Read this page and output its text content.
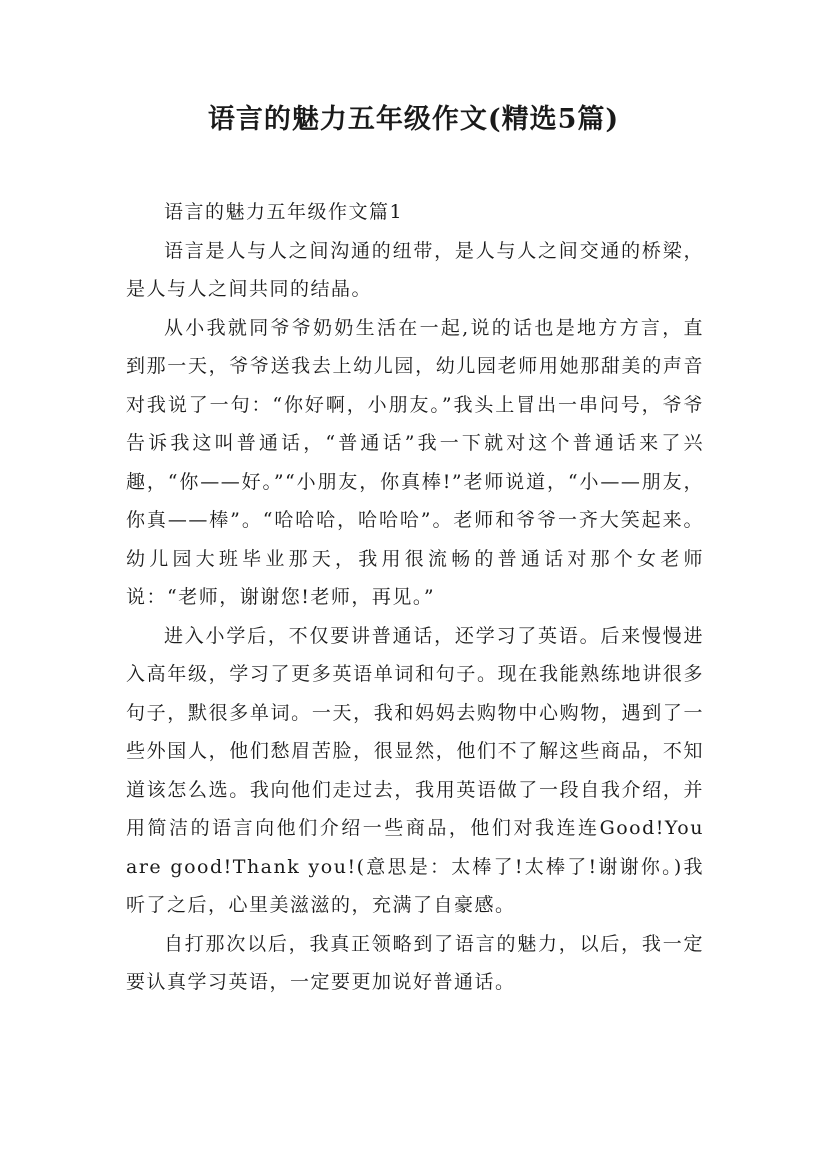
语言的魅力五年级作文(精选5篇)

语言的魅力五年级作文篇1

语言是人与人之间沟通的纽带，是人与人之间交通的桥梁，是人与人之间共同的结晶。

从小我就同爷爷奶奶生活在一起,说的话也是地方方言，直到那一天，爷爷送我去上幼儿园，幼儿园老师用她那甜美的声音对我说了一句：“你好啊，小朋友。”我头上冒出一串问号，爷爷告诉我这叫普通话，“普通话”我一下就对这个普通话来了兴趣，“你——好。”“小朋友，你真棒!”老师说道，“小——朋友，你真——棒”。“哈哈哈，哈哈哈”。老师和爷爷一齐大笑起来。幼儿园大班毕业那天，我用很流畅的普通话对那个女老师说：“老师，谢谢您!老师，再见。”

进入小学后，不仅要讲普通话，还学习了英语。后来慢慢进入高年级，学习了更多英语单词和句子。现在我能熟练地讲很多句子，默很多单词。一天，我和妈妈去购物中心购物，遇到了一些外国人，他们愁眉苦脸，很显然，他们不了解这些商品，不知道该怎么选。我向他们走过去，我用英语做了一段自我介绍，并用简洁的语言向他们介绍一些商品，他们对我连连Good!You are good!Thank you!(意思是：太棒了!太棒了!谢谢你。)我听了之后，心里美滋滋的，充满了自豪感。

自打那次以后，我真正领略到了语言的魅力，以后，我一定要认真学习英语，一定要更加说好普通话。
